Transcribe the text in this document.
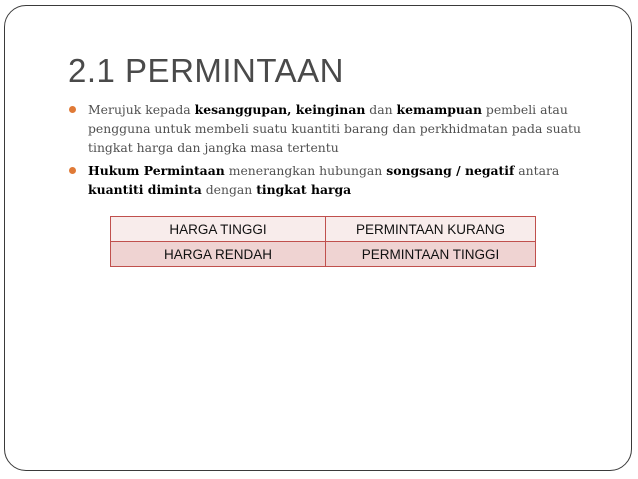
2.1 PERMINTAAN
Merujuk kepada kesanggupan, keinginan dan kemampuan pembeli atau pengguna untuk membeli suatu kuantiti barang dan perkhidmatan pada suatu tingkat harga dan jangka masa tertentu
Hukum Permintaan menerangkan hubungan songsang / negatif antara kuantiti diminta dengan tingkat harga
HARGA TINGGI	PERMINTAAN KURANG
HARGA RENDAH	PERMINTAAN TINGGI
